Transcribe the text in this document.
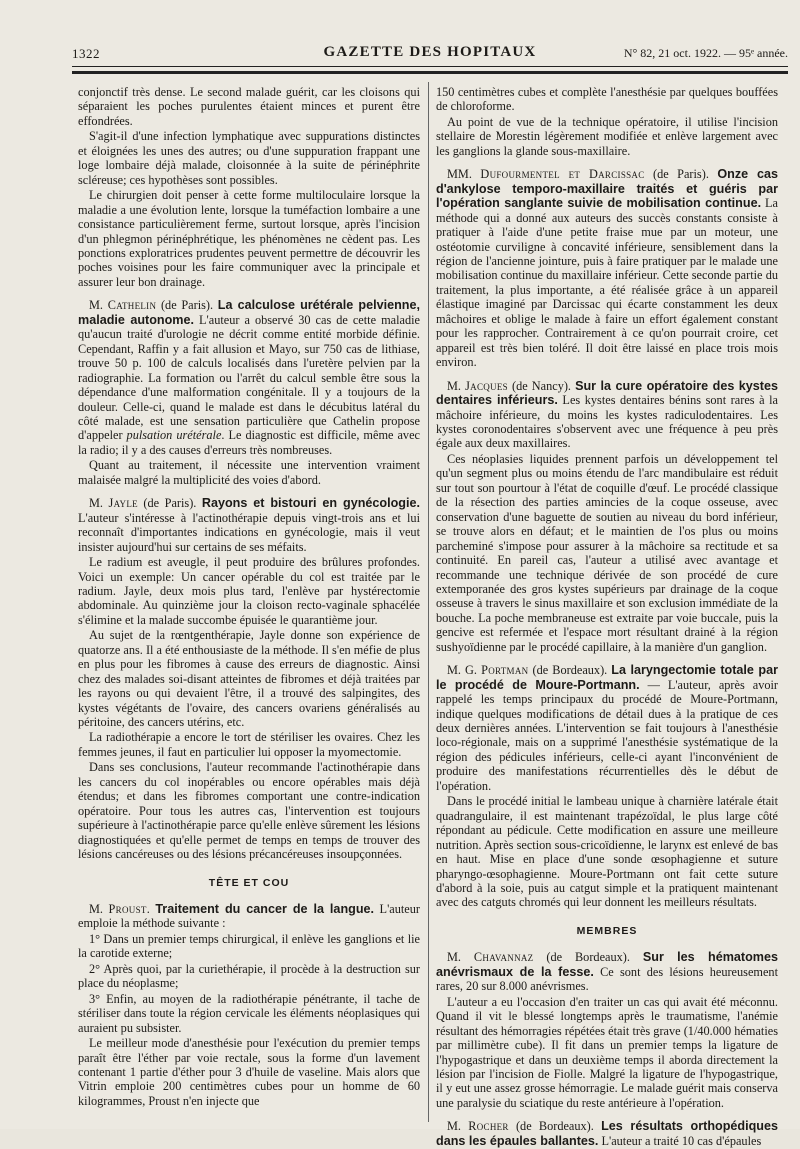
1322	GAZETTE DES HOPITAUX	N° 82, 21 oct. 1922. — 95ᵉ année.

conjonctif très dense. Le second malade guérit, car les cloisons qui séparaient les poches purulentes étaient minces et purent être effondrées.

S'agit-il d'une infection lymphatique avec suppurations distinctes et éloignées les unes des autres; ou d'une suppuration frappant une loge lombaire déjà malade, cloisonnée à la suite de périnéphrite scléreuse; ces hypothèses sont possibles.

Le chirurgien doit penser à cette forme multiloculaire lorsque la maladie a une évolution lente, lorsque la tuméfaction lombaire a une consistance particulièrement ferme, surtout lorsque, après l'incision d'un phlegmon périnéphrétique, les phénomènes ne cèdent pas. Les ponctions exploratrices prudentes peuvent permettre de découvrir les poches voisines pour les faire communiquer avec la principale et assurer leur bon drainage.

M. Cathelin (de Paris). La calculose urétérale pelvienne, maladie autonome. L'auteur a observé 30 cas de cette maladie qu'aucun traité d'urologie ne décrit comme entité morbide définie. Cependant, Raffin y a fait allusion et Mayo, sur 750 cas de lithiase, trouve 50 p. 100 de calculs localisés dans l'uretère pelvien par la radiographie. La formation ou l'arrêt du calcul semble être sous la dépendance d'une malformation congénitale. Il y a toujours de la douleur. Celle-ci, quand le malade est dans le décubitus latéral du côté malade, est une sensation particulière que Cathelin propose d'appeler pulsation urétérale. Le diagnostic est difficile, même avec la radio; il y a des causes d'erreurs très nombreuses.

Quant au traitement, il nécessite une intervention vraiment malaisée malgré la multiplicité des voies d'abord.

M. Jayle (de Paris). Rayons et bistouri en gynécologie. L'auteur s'intéresse à l'actinothérapie depuis vingt-trois ans et lui reconnaît d'importantes indications en gynécologie, mais il veut insister aujourd'hui sur certains de ses méfaits.

Le radium est aveugle, il peut produire des brûlures profondes. Voici un exemple: Un cancer opérable du col est traitée par le radium. Jayle, deux mois plus tard, l'enlève par hystérectomie abdominale. Au quinzième jour la cloison recto-vaginale sphacélée s'élimine et la malade succombe épuisée le quarantième jour.

Au sujet de la rœntgenthérapie, Jayle donne son expérience de quatorze ans. Il a été enthousiaste de la méthode. Il s'en méfie de plus en plus pour les fibromes à cause des erreurs de diagnostic. Ainsi chez des malades soi-disant atteintes de fibromes et déjà traitées par les rayons ou qui devaient l'être, il a trouvé des salpingites, des kystes végétants de l'ovaire, des cancers ovariens généralisés au péritoine, des cancers utérins, etc.

La radiothérapie a encore le tort de stériliser les ovaires. Chez les femmes jeunes, il faut en particulier lui opposer la myomectomie.

Dans ses conclusions, l'auteur recommande l'actinothérapie dans les cancers du col inopérables ou encore opérables mais déjà étendus; et dans les fibromes comportant une contre-indication opératoire. Pour tous les autres cas, l'intervention est toujours supérieure à l'actinothérapie parce qu'elle enlève sûrement les lésions diagnostiquées et qu'elle permet de temps en temps de trouver des lésions cancéreuses ou des lésions précancéreuses insoupçonnées.

TÊTE ET COU

M. Proust. Traitement du cancer de la langue. L'auteur emploie la méthode suivante :

1° Dans un premier temps chirurgical, il enlève les ganglions et lie la carotide externe;

2° Après quoi, par la curiethérapie, il procède à la destruction sur place du néoplasme;

3° Enfin, au moyen de la radiothérapie pénétrante, il tache de stériliser dans toute la région cervicale les éléments néoplasiques qui auraient pu subsister.

Le meilleur mode d'anesthésie pour l'exécution du premier temps paraît être l'éther par voie rectale, sous la forme d'un lavement contenant 1 partie d'éther pour 3 d'huile de vaseline. Mais alors que Vitrin emploie 200 centimètres cubes pour un homme de 60 kilogrammes, Proust n'en injecte que

150 centimètres cubes et complète l'anesthésie par quelques bouffées de chloroforme.

Au point de vue de la technique opératoire, il utilise l'incision stellaire de Morestin légèrement modifiée et enlève largement avec les ganglions la glande sous-maxillaire.

MM. Dufourmentel et Darcissac (de Paris). Onze cas d'ankylose temporo-maxillaire traités et guéris par l'opération sanglante suivie de mobilisation continue. La méthode qui a donné aux auteurs des succès constants consiste à pratiquer à l'aide d'une petite fraise mue par un moteur, une ostéotomie curviligne à concavité inférieure, sensiblement dans la région de l'ancienne jointure, puis à faire pratiquer par le malade une mobilisation continue du maxillaire inférieur. Cette seconde partie du traitement, la plus importante, a été réalisée grâce à un appareil élastique imaginé par Darcissac qui écarte constamment les deux mâchoires et oblige le malade à faire un effort également constant pour les rapprocher. Contrairement à ce qu'on pourrait croire, cet appareil est très bien toléré. Il doit être laissé en place trois mois environ.

M. Jacques (de Nancy). Sur la cure opératoire des kystes dentaires inférieurs. Les kystes dentaires bénins sont rares à la mâchoire inférieure, du moins les kystes radiculodentaires. Les kystes coronodentaires s'observent avec une fréquence à peu près égale aux deux maxillaires.

Ces néoplasies liquides prennent parfois un développement tel qu'un segment plus ou moins étendu de l'arc mandibulaire est réduit sur tout son pourtour à l'état de coquille d'œuf. Le procédé classique de la résection des parties amincies de la coque osseuse, avec conservation d'une baguette de soutien au niveau du bord inférieur, se trouve alors en défaut; et le maintien de l'os plus ou moins parcheminé s'impose pour assurer à la mâchoire sa rectitude et sa continuité. En pareil cas, l'auteur a utilisé avec avantage et recommande une technique dérivée de son procédé de cure extemporanée des gros kystes supérieurs par drainage de la coque osseuse à travers le sinus maxillaire et son exclusion immédiate de la bouche. La poche membraneuse est extraite par voie buccale, puis la gencive est refermée et l'espace mort résultant drainé à la région sushyoïdienne par le procédé capillaire, à la manière d'un ganglion.

M. G. Portman (de Bordeaux). La laryngectomie totale par le procédé de Moure-Portmann. — L'auteur, après avoir rappelé les temps principaux du procédé de Moure-Portmann, indique quelques modifications de détail dues à la pratique de ces deux dernières années. L'intervention se fait toujours à l'anesthésie loco-régionale, mais on a supprimé l'anesthésie systématique de la région des pédicules inférieurs, celle-ci ayant l'inconvénient de produire des manifestations récurrentielles dès le début de l'opération.

Dans le procédé initial le lambeau unique à charnière latérale était quadrangulaire, il est maintenant trapézoïdal, le plus large côté répondant au pédicule. Cette modification en assure une meilleure nutrition. Après section sous-cricoïdienne, le larynx est enlevé de bas en haut. Mise en place d'une sonde œsophagienne et suture pharyngo-œsophagienne. Moure-Portmann ont fait cette suture d'abord à la soie, puis au catgut simple et la pratiquent maintenant avec des catguts chromés qui leur donnent les meilleurs résultats.

MEMBRES

M. Chavannaz (de Bordeaux). Sur les hématomes anévrismaux de la fesse. Ce sont des lésions heureusement rares, 20 sur 8.000 anévrismes.

L'auteur a eu l'occasion d'en traiter un cas qui avait été méconnu. Quand il vit le blessé longtemps après le traumatisme, l'anémie résultant des hémorragies répétées était très grave (1/40.000 hématies par millimètre cube). Il fit dans un premier temps la ligature de l'hypogastrique et dans un deuxième temps il aborda directement la lésion par l'incision de Fiolle. Malgré la ligature de l'hypogastrique, il y eut une assez grosse hémorragie. Le malade guérit mais conserva une paralysie du sciatique du reste antérieure à l'opération.

M. Rocher (de Bordeaux). Les résultats orthopédiques dans les épaules ballantes. L'auteur a traité 10 cas d'épaules
